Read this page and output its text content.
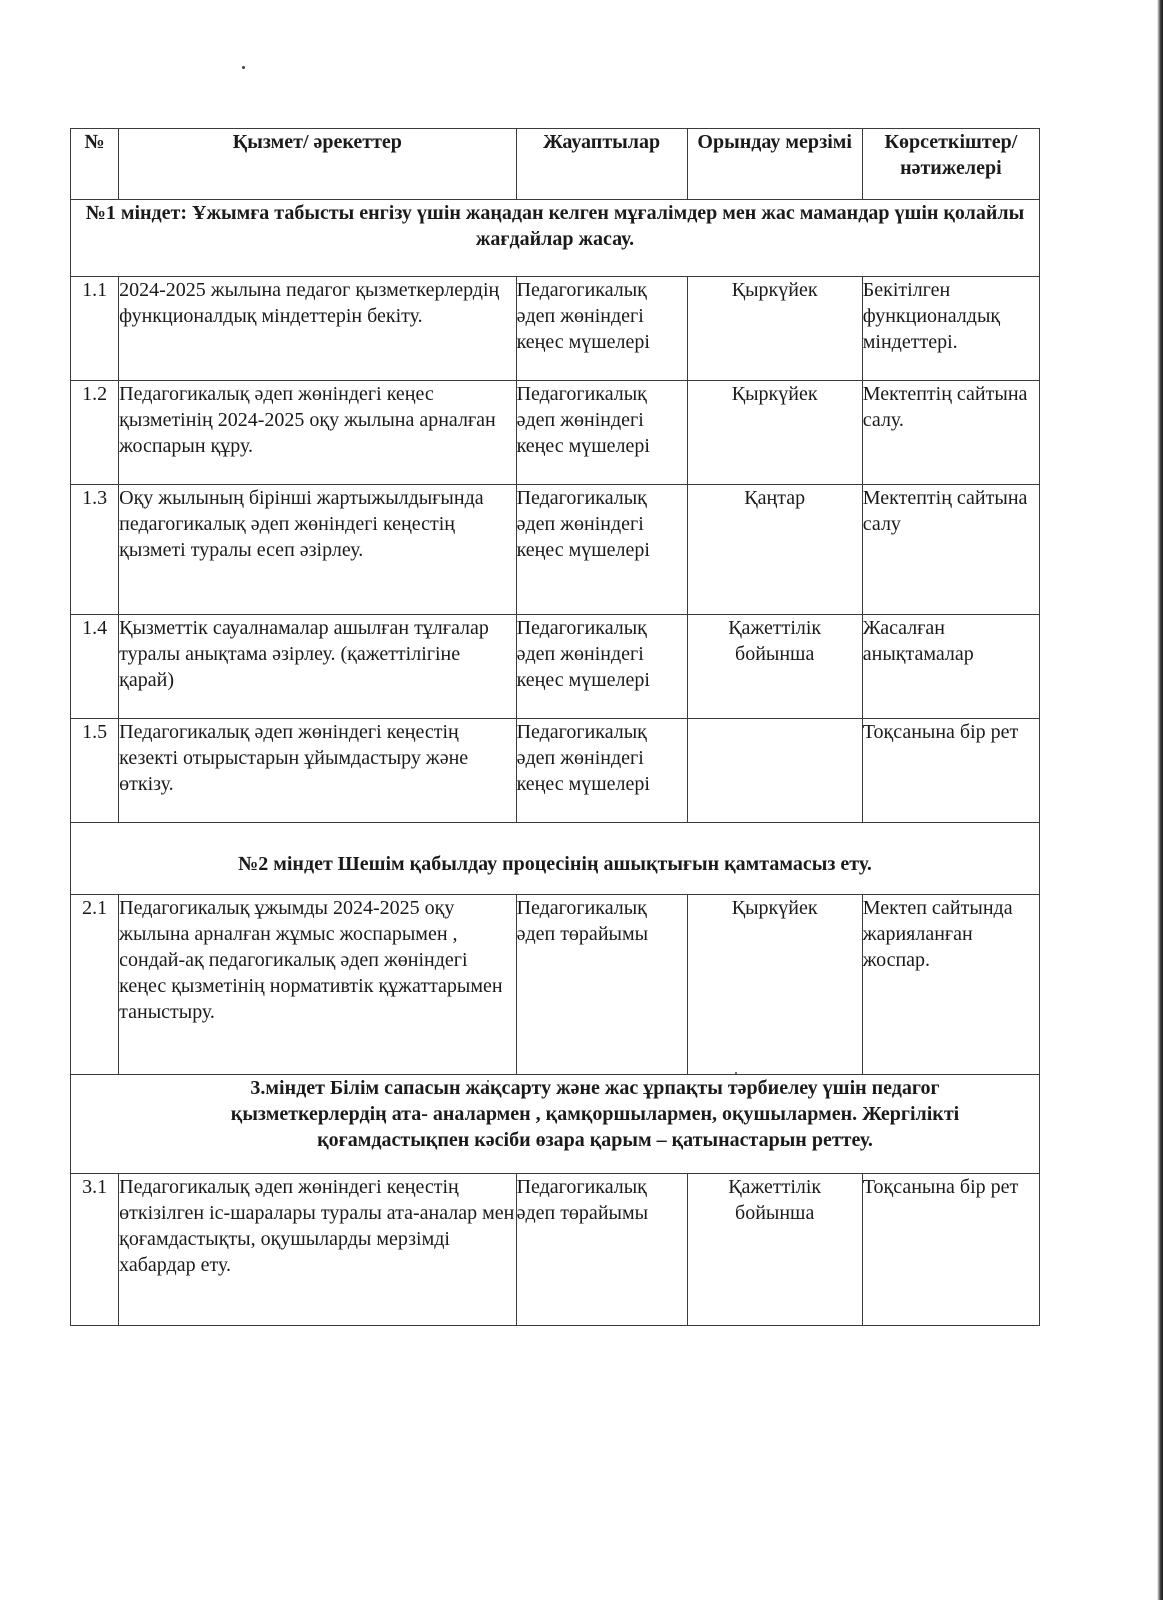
№	Қызмет/ әрекеттер	Жауаптылар	Орындау мерзімі	Көрсеткіштер/ нәтижелері
№1 міндет: Ұжымға табысты енгізу үшін жаңадан келген мұғалімдер мен жас мамандар үшін қолайлы жағдайлар жасау.				
1.1	2024-2025 жылына педагог қызметкерлердің функционалдық міндеттерін бекіту.	Педагогикалық әдеп жөніндегі кеңес мүшелері	Қыркүйек	Бекітілген функционалдық міндеттері.
1.2	Педагогикалық әдеп жөніндегі кеңес қызметінің 2024-2025 оқу жылына арналған жоспарын құру.	Педагогикалық әдеп жөніндегі кеңес мүшелері	Қыркүйек	Мектептің сайтына салу.
1.3	Оқу жылының бірінші жартыжылдығында педагогикалық әдеп жөніндегі кеңестің қызметі туралы есеп әзірлеу.	Педагогикалық әдеп жөніндегі кеңес мүшелері	Қаңтар	Мектептің сайтына салу
1.4	Қызметтік сауалнамалар ашылған тұлғалар туралы анықтама әзірлеу. (қажеттілігіне қарай)	Педагогикалық әдеп жөніндегі кеңес мүшелері	Қажеттілік бойынша	Жасалған анықтамалар
1.5	Педагогикалық әдеп жөніндегі кеңестің кезекті отырыстарын ұйымдастыру және өткізу.	Педагогикалық әдеп жөніндегі кеңес мүшелері		Тоқсанына бір рет
№2 міндет Шешім қабылдау процесінің ашықтығын қамтамасыз ету.				
2.1	Педагогикалық ұжымды 2024-2025 оқу жылына арналған жұмыс жоспарымен , сондай-ақ педагогикалық әдеп жөніндегі кеңес қызметінің нормативтік құжаттарымен таныстыру.	Педагогикалық әдеп төрайымы	Қыркүйек	Мектеп сайтында жарияланған жоспар.
3.міндет Білім сапасын жақсарту және жас ұрпақты тәрбиелеу үшін педагог қызметкерлердің ата- аналармен , қамқоршылармен, оқушылармен. Жергілікті қоғамдастықпен кәсіби өзара қарым – қатынастарын реттеу.				
3.1	Педагогикалық әдеп жөніндегі кеңестің өткізілген іс-шаралары туралы ата-аналар мен қоғамдастықты, оқушыларды мерзімді хабардар ету.	Педагогикалық әдеп төрайымы	Қажеттілік бойынша	Тоқсанына бір рет
